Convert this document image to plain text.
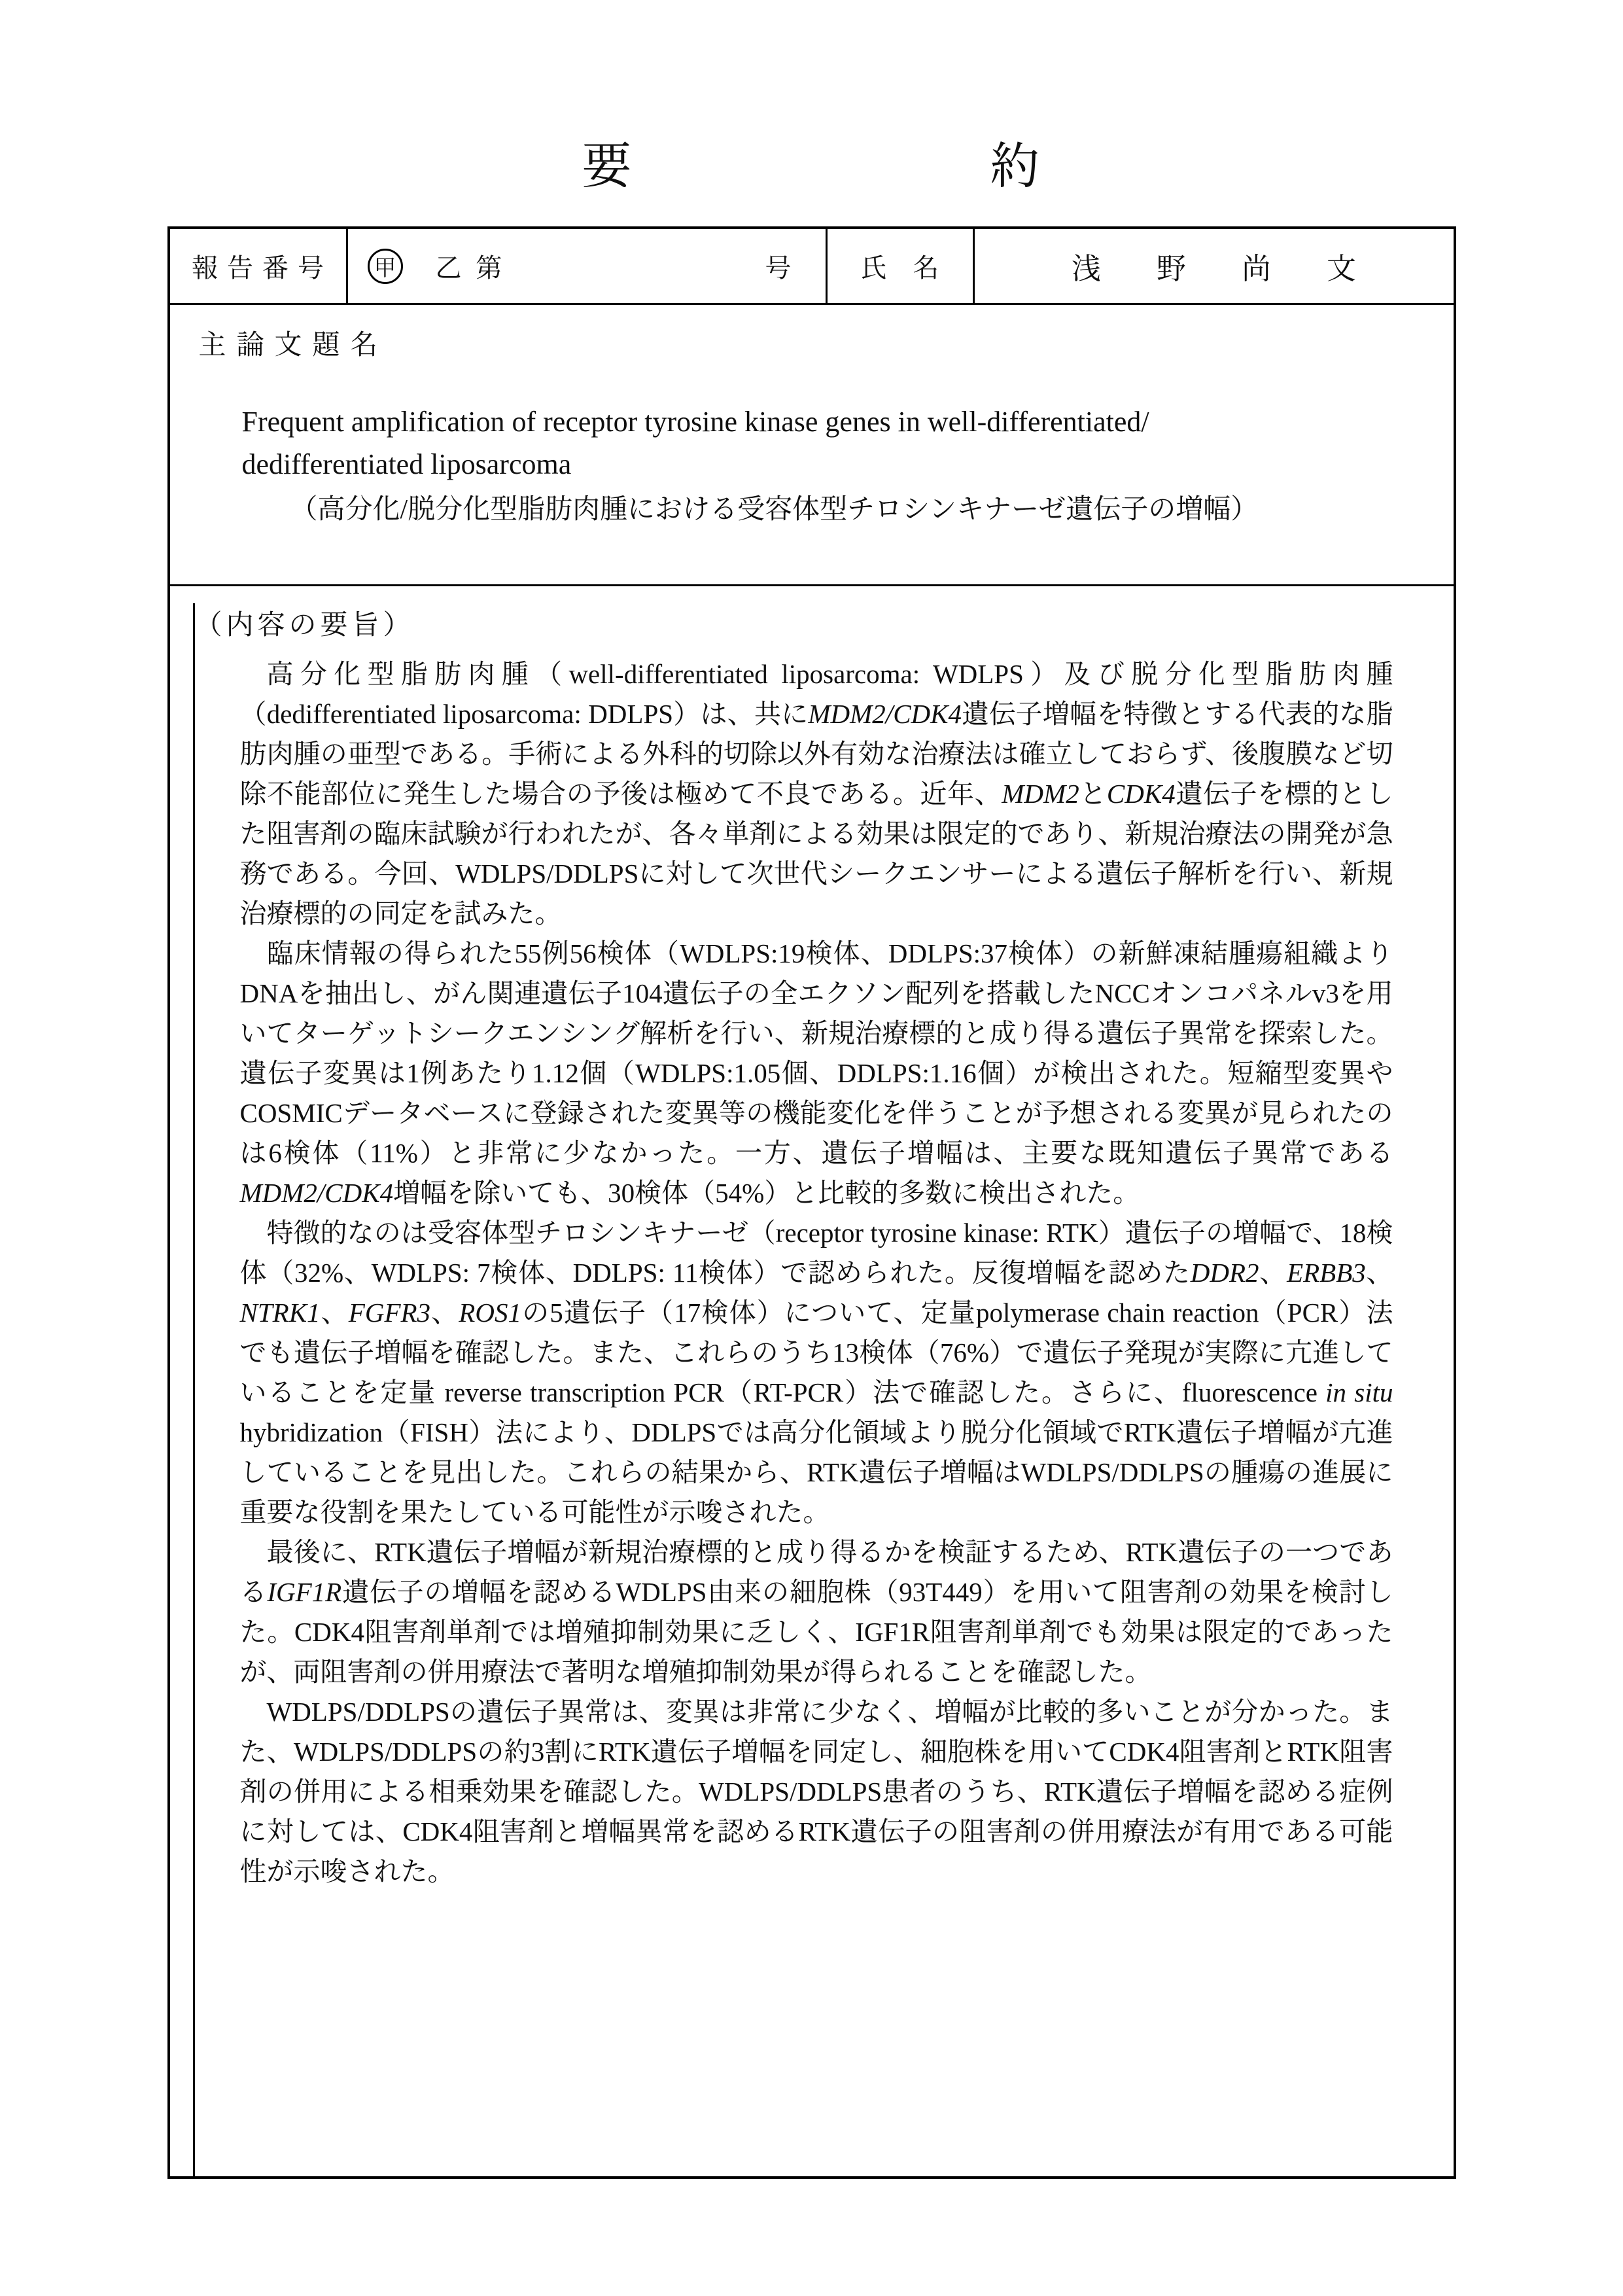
要　　　　　　　約
報告番号	甲 乙 第	号	氏　名	浅　野　尚　文
主論文題名
Frequent amplification of receptor tyrosine kinase genes in well-differentiated/
dedifferentiated liposarcoma
（高分化/脱分化型脂肪肉腫における受容体型チロシンキナーゼ遺伝子の増幅）
（内容の要旨）

高分化型脂肪肉腫（well-differentiated liposarcoma: WDLPS）及び脱分化型脂肪肉腫（dedifferentiated liposarcoma: DDLPS）は、共にMDM2/CDK4遺伝子増幅を特徴とする代表的な脂肪肉腫の亜型である。手術による外科的切除以外有効な治療法は確立しておらず、後腹膜など切除不能部位に発生した場合の予後は極めて不良である。近年、MDM2とCDK4遺伝子を標的とした阻害剤の臨床試験が行われたが、各々単剤による効果は限定的であり、新規治療法の開発が急務である。今回、WDLPS/DDLPSに対して次世代シークエンサーによる遺伝子解析を行い、新規治療標的の同定を試みた。

臨床情報の得られた55例56検体（WDLPS:19検体、DDLPS:37検体）の新鮮凍結腫瘍組織よりDNAを抽出し、がん関連遺伝子104遺伝子の全エクソン配列を搭載したNCCオンコパネルv3を用いてターゲットシークエンシング解析を行い、新規治療標的と成り得る遺伝子異常を探索した。遺伝子変異は1例あたり1.12個（WDLPS:1.05個、DDLPS:1.16個）が検出された。短縮型変異やCOSMICデータベースに登録された変異等の機能変化を伴うことが予想される変異が見られたのは6検体（11%）と非常に少なかった。一方、遺伝子増幅は、主要な既知遺伝子異常であるMDM2/CDK4増幅を除いても、30検体（54%）と比較的多数に検出された。

特徴的なのは受容体型チロシンキナーゼ（receptor tyrosine kinase: RTK）遺伝子の増幅で、18検体（32%、WDLPS: 7検体、DDLPS: 11検体）で認められた。反復増幅を認めたDDR2、ERBB3、NTRK1、FGFR3、ROS1の5遺伝子（17検体）について、定量polymerase chain reaction（PCR）法でも遺伝子増幅を確認した。また、これらのうち13検体（76%）で遺伝子発現が実際に亢進していることを定量 reverse transcription PCR（RT-PCR）法で確認した。さらに、fluorescence in situ hybridization（FISH）法により、DDLPSでは高分化領域より脱分化領域でRTK遺伝子増幅が亢進していることを見出した。これらの結果から、RTK遺伝子増幅はWDLPS/DDLPSの腫瘍の進展に重要な役割を果たしている可能性が示唆された。

最後に、RTK遺伝子増幅が新規治療標的と成り得るかを検証するため、RTK遺伝子の一つであるIGF1R遺伝子の増幅を認めるWDLPS由来の細胞株（93T449）を用いて阻害剤の効果を検討した。CDK4阻害剤単剤では増殖抑制効果に乏しく、IGF1R阻害剤単剤でも効果は限定的であったが、両阻害剤の併用療法で著明な増殖抑制効果が得られることを確認した。

WDLPS/DDLPSの遺伝子異常は、変異は非常に少なく、増幅が比較的多いことが分かった。また、WDLPS/DDLPSの約3割にRTK遺伝子増幅を同定し、細胞株を用いてCDK4阻害剤とRTK阻害剤の併用による相乗効果を確認した。WDLPS/DDLPS患者のうち、RTK遺伝子増幅を認める症例に対しては、CDK4阻害剤と増幅異常を認めるRTK遺伝子の阻害剤の併用療法が有用である可能性が示唆された。
